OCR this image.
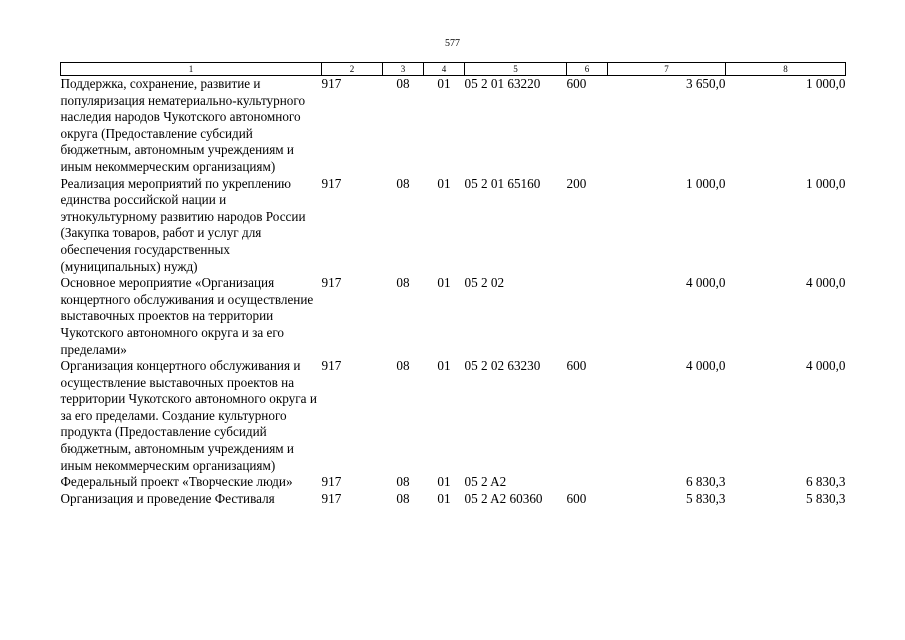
577
1	2	3	4	5	6	7	8
Поддержка, сохранение, развитие и популяризация нематериально-культурного наследия народов Чукотского автономного округа (Предоставление субсидий бюджетным, автономным учреждениям и иным некоммерческим организациям)	917	08	01	05 2 01 63220	600	3 650,0	1 000,0
Реализация мероприятий по укреплению единства российской нации и этнокультурному развитию народов России (Закупка товаров, работ и услуг для обеспечения государственных (муниципальных) нужд)	917	08	01	05 2 01 65160	200	1 000,0	1 000,0
Основное мероприятие «Организация концертного обслуживания и осуществление выставочных проектов на территории Чукотского автономного округа и за его пределами»	917	08	01	05 2 02		4 000,0	4 000,0
Организация концертного обслуживания и осуществление выставочных проектов на территории Чукотского автономного округа и за его пределами. Создание культурного продукта (Предоставление субсидий бюджетным, автономным учреждениям и иным некоммерческим организациям)	917	08	01	05 2 02 63230	600	4 000,0	4 000,0
Федеральный проект «Творческие люди»	917	08	01	05 2 A2		6 830,3	6 830,3
Организация и проведение Фестиваля	917	08	01	05 2 A2 60360	600	5 830,3	5 830,3
